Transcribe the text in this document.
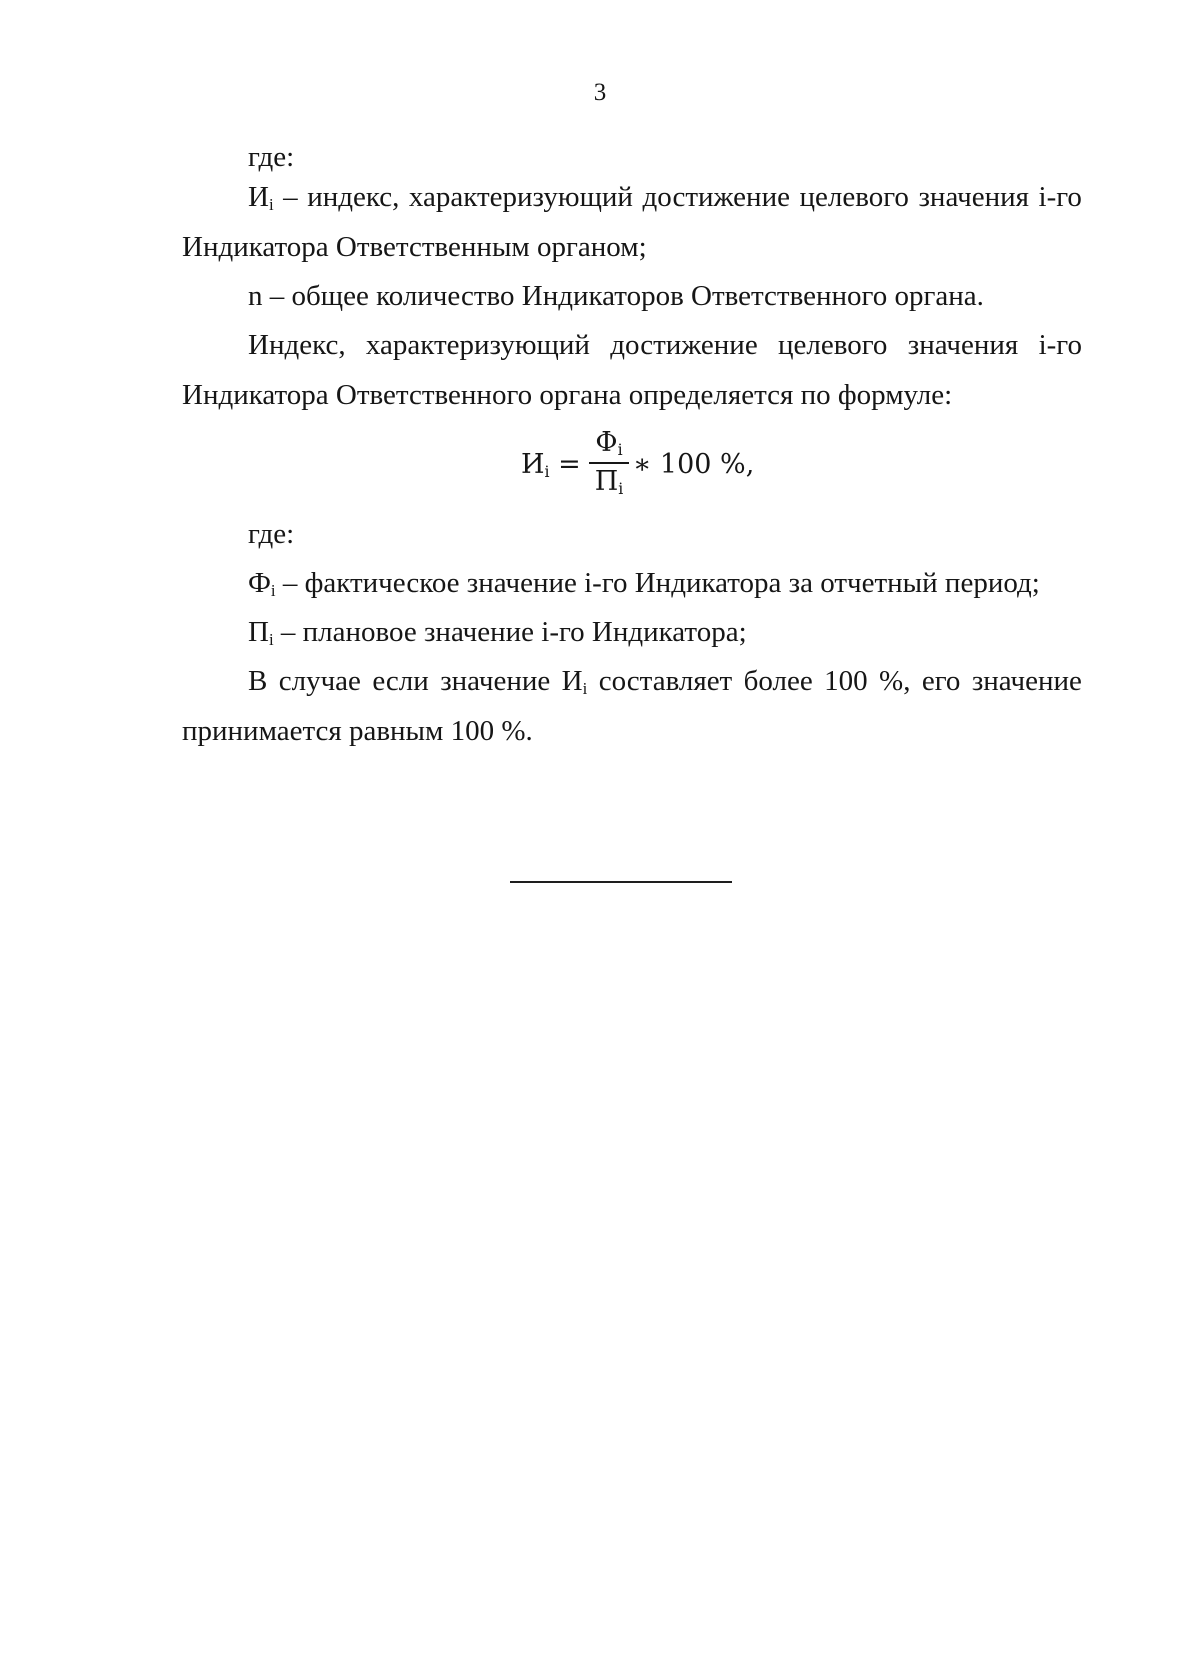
3
где:
$И_i$ – индекс, характеризующий достижение целевого значения i-го
Индикатора Ответственным органом;
n – общее количество Индикаторов Ответственного органа.
Индекс, характеризующий достижение целевого значения i-го
Индикатора Ответственного органа определяется по формуле:
$И_i$ =
$\Phi_i$
$\Pi_i$
∗ 100 %,
где:
$Ф_i$ – фактическое значение i-го Индикатора за отчетный период;
$П_i$ – плановое значение i-го Индикатора;
В случае если значение $И_i$ составляет более 100 %, его значение
принимается равным 100 %.
